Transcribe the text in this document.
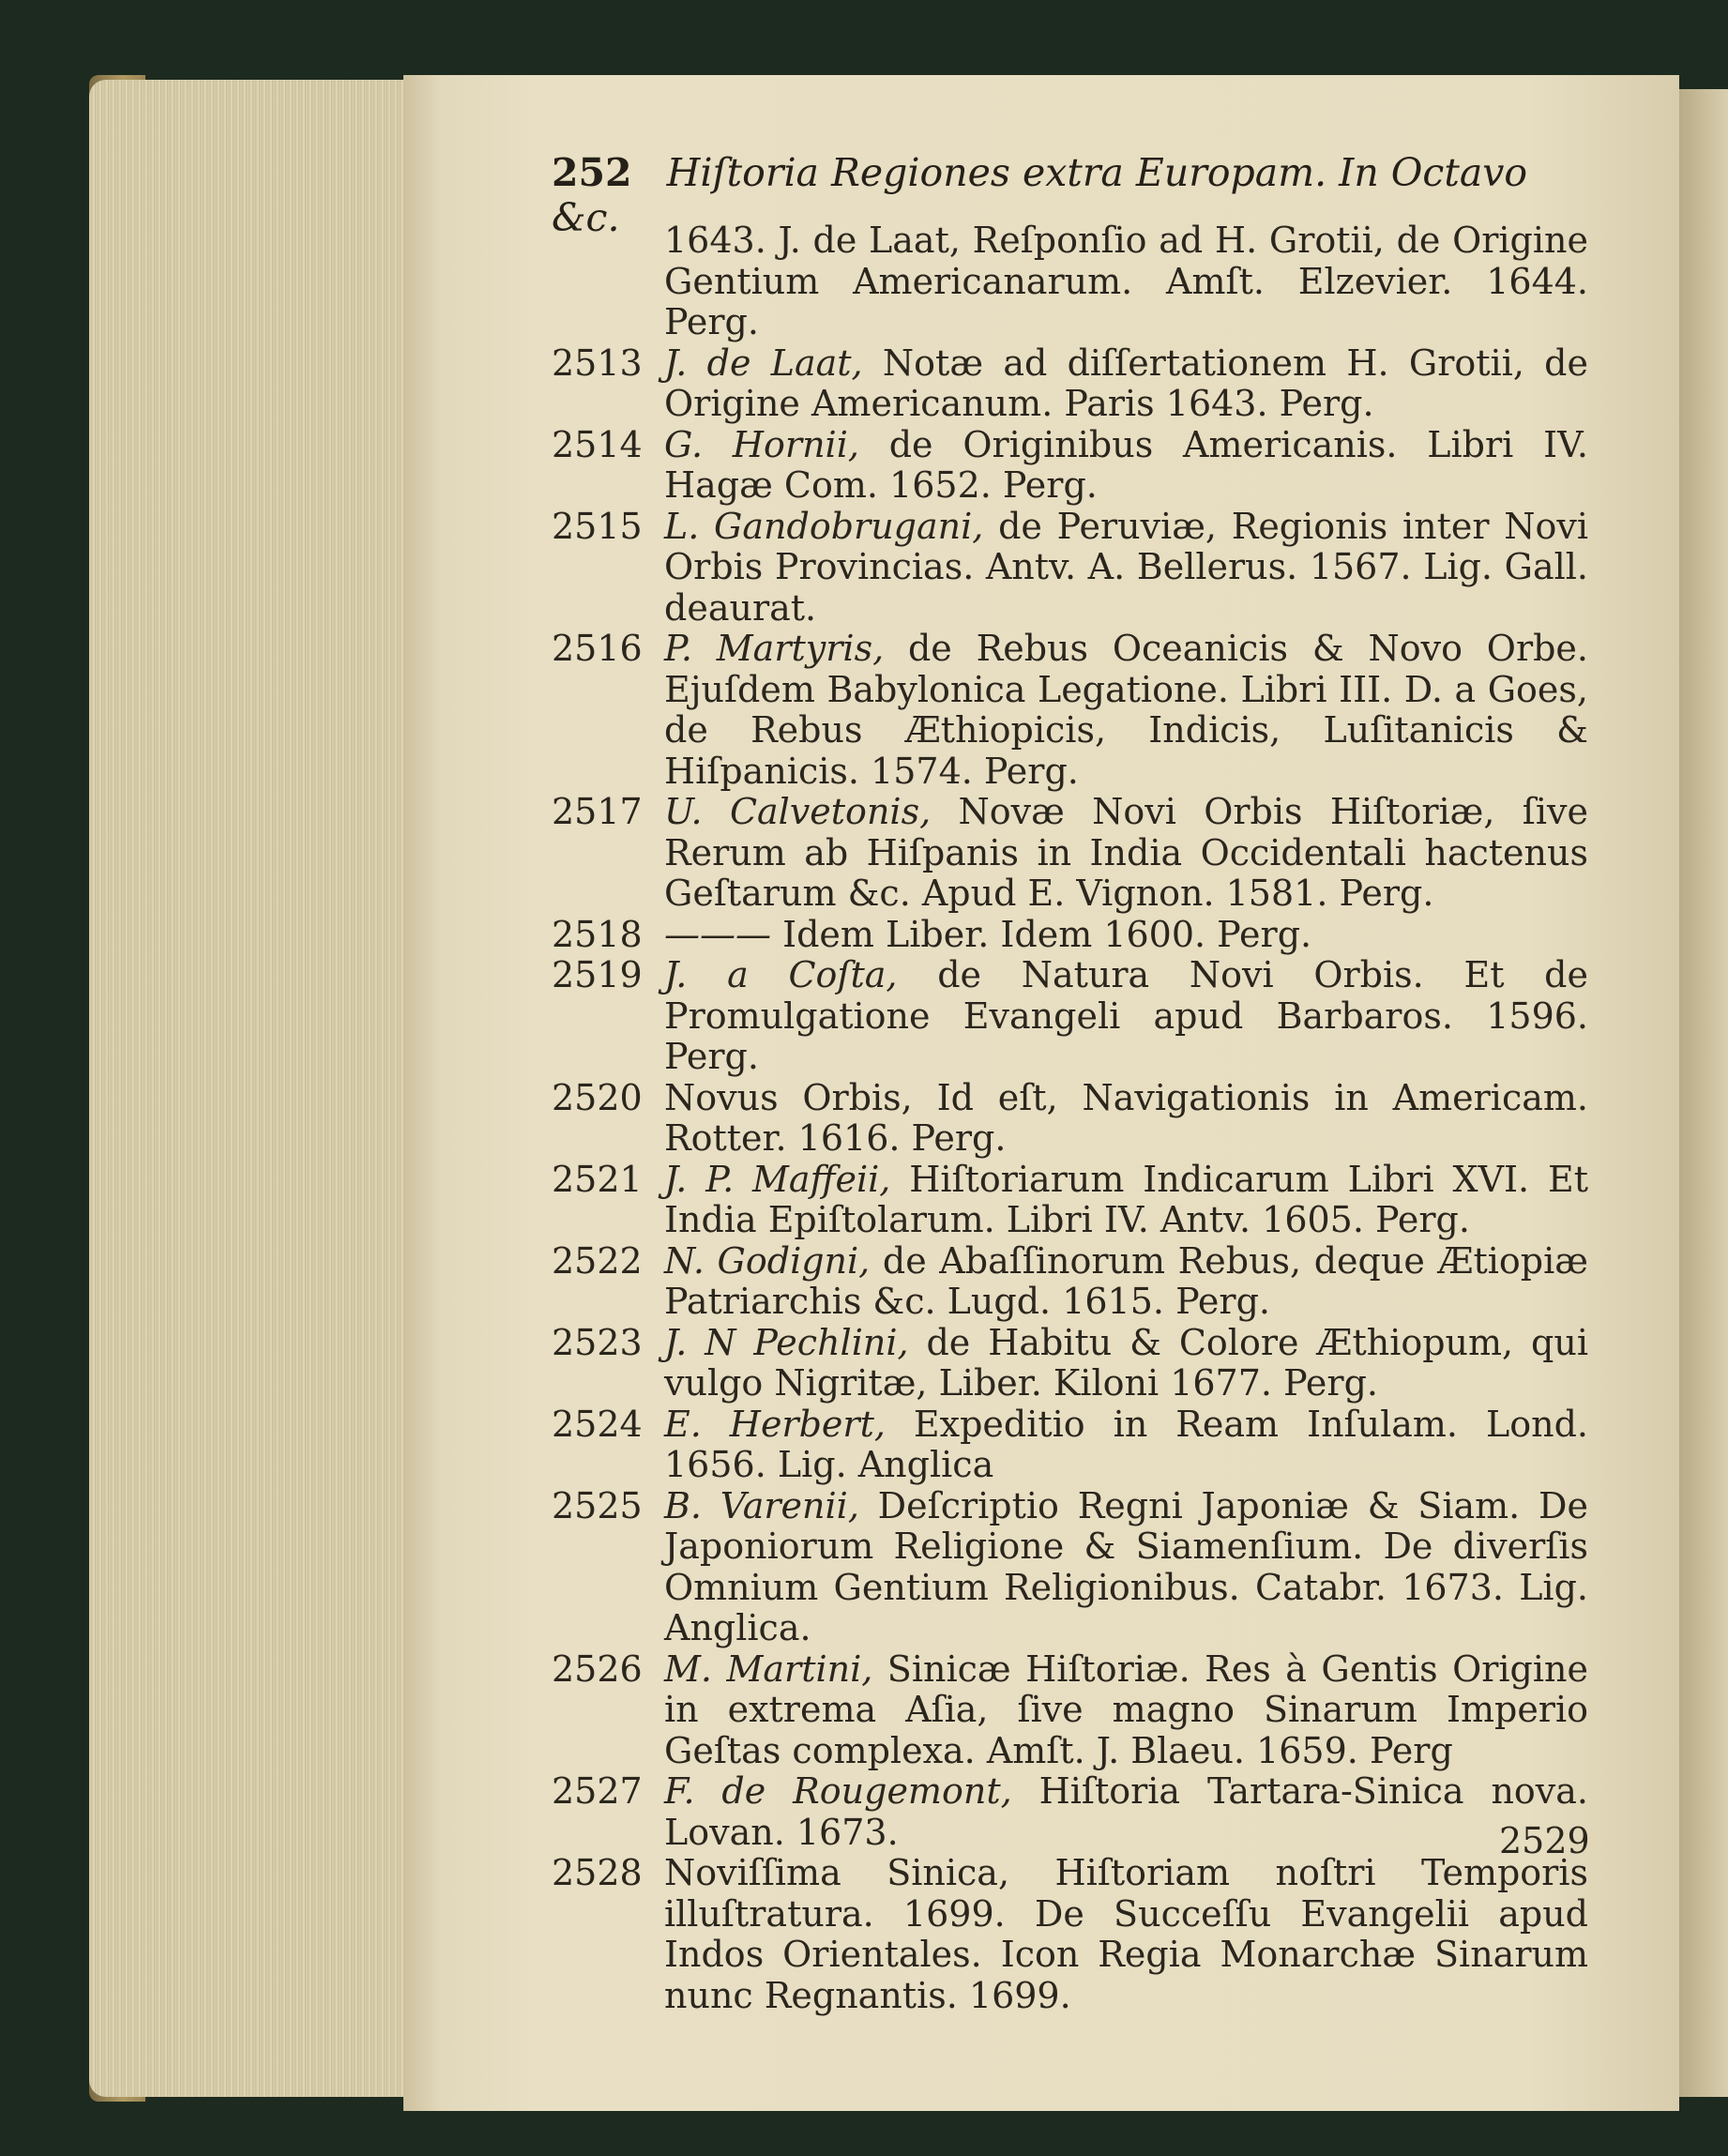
252 Hiſtoria Regiones extra Europam. In Octavo &c.	1643. J. de Laat, Reſponſio ad H. Grotii, de Origine Gentium Americanarum. Amſt. Elzevier. 1644. Perg.
2513 J. de Laat, Notæ ad diſſertationem H. Grotii, de Origine Americanum. Paris 1643. Perg.
2514 G. Hornii, de Originibus Americanis. Libri IV. Hagæ Com. 1652. Perg.
2515 L. Gandobrugani, de Peruviæ, Regionis inter Novi Orbis Provincias. Antv. A. Bellerus. 1567. Lig. Gall. deaurat.
2516 P. Martyris, de Rebus Oceanicis & Novo Orbe. Ejuſdem Babylonica Legatione. Libri III. D. a Goes, de Rebus Æthiopicis, Indicis, Luſitanicis & Hiſpanicis. 1574. Perg.
2517 U. Calvetonis, Novæ Novi Orbis Hiſtoriæ, ſive Rerum ab Hiſpanis in India Occidentali hactenus Geſtarum &c. Apud E. Vignon. 1581. Perg.
2518 ——— Idem Liber. Idem 1600. Perg.
2519 J. a Coſta, de Natura Novi Orbis. Et de Promulgatione Evangeli apud Barbaros. 1596. Perg.
2520 Novus Orbis, Id eſt, Navigationis in Americam. Rotter. 1616. Perg.
2521 J. P. Maffeii, Hiſtoriarum Indicarum Libri XVI. Et India Epiſtolarum. Libri IV. Antv. 1605. Perg.
2522 N. Godigni, de Abaſſinorum Rebus, deque Ætiopiæ Patriarchis &c. Lugd. 1615. Perg.
2523 J. N Pechlini, de Habitu & Colore Æthiopum, qui vulgo Nigritæ, Liber. Kiloni 1677. Perg.
2524 E. Herbert, Expeditio in Ream Inſulam. Lond. 1656. Lig. Anglica
2525 B. Varenii, Deſcriptio Regni Japoniæ & Siam. De Japoniorum Religione & Siamenſium. De diverſis Omnium Gentium Religionibus. Catabr. 1673. Lig. Anglica.
2526 M. Martini, Sinicæ Hiſtoriæ. Res à Gentis Origine in extrema Aſia, ſive magno Sinarum Imperio Geſtas complexa. Amſt. J. Blaeu. 1659. Perg
2527 F. de Rougemont, Hiſtoria Tartara-Sinica nova. Lovan. 1673.
2528 Noviſſima Sinica, Hiſtoriam noſtri Temporis illuſtratura. 1699. De Succeſſu Evangelii apud Indos Orientales. Icon Regia Monarchæ Sinarum nunc Regnantis. 1699.
2529
